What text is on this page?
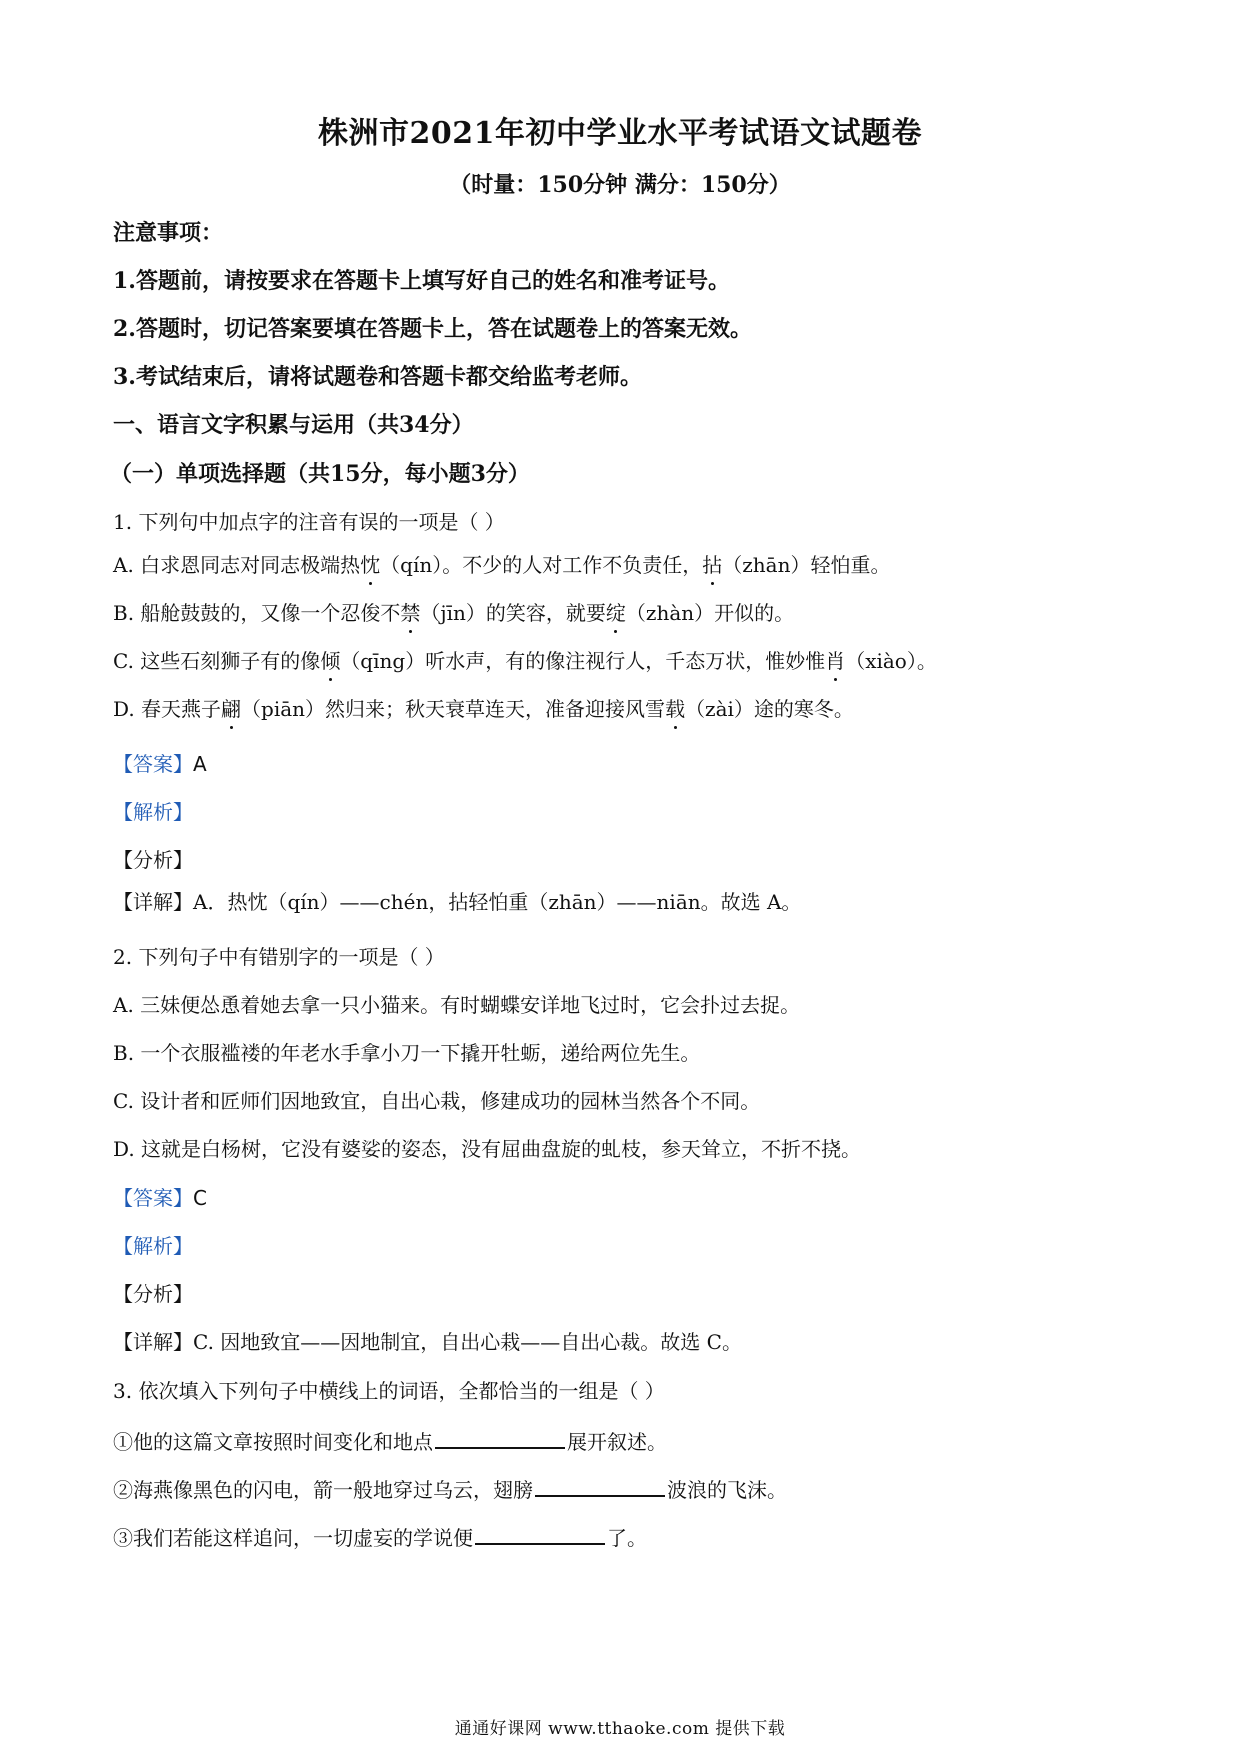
株洲市2021年初中学业水平考试语文试题卷
（时量：150分钟 满分：150分）
注意事项：
1.答题前，请按要求在答题卡上填写好自己的姓名和准考证号。
2.答题时，切记答案要填在答题卡上，答在试题卷上的答案无效。
3.考试结束后，请将试题卷和答题卡都交给监考老师。
一、语言文字积累与运用（共34分）
（一）单项选择题（共15分，每小题3分）
1. 下列句中加点字的注音有误的一项是（ ）
A. 白求恩同志对同志极端热忱（qín）。不少的人对工作不负责任，拈（zhān）轻怕重。
B. 船舱鼓鼓的，又像一个忍俊不禁（jīn）的笑容，就要绽（zhàn）开似的。
C. 这些石刻狮子有的像倾（qīng）听水声，有的像注视行人，千态万状，惟妙惟肖（xiào）。
D. 春天燕子翩（piān）然归来；秋天衰草连天，准备迎接风雪载（zài）途的寒冬。
【答案】A
【解析】
【分析】
【详解】A．热忱（qín）——chén，拈轻怕重（zhān）——niān。故选 A。
2. 下列句子中有错别字的一项是（ ）
A. 三妹便怂恿着她去拿一只小猫来。有时蝴蝶安详地飞过时，它会扑过去捉。
B. 一个衣服褴褛的年老水手拿小刀一下撬开牡蛎，递给两位先生。
C. 设计者和匠师们因地致宜，自出心栽，修建成功的园林当然各个不同。
D. 这就是白杨树，它没有婆娑的姿态，没有屈曲盘旋的虬枝，参天耸立，不折不挠。
【答案】C
【解析】
【分析】
【详解】C. 因地致宜——因地制宜，自出心栽——自出心裁。故选 C。
3. 依次填入下列句子中横线上的词语，全都恰当的一组是（ ）
①他的这篇文章按照时间变化和地点	展开叙述。
②海燕像黑色的闪电，箭一般地穿过乌云，翅膀	波浪的飞沫。
③我们若能这样追问，一切虚妄的学说便	了。
通通好课网 www.tthaoke.com 提供下载
